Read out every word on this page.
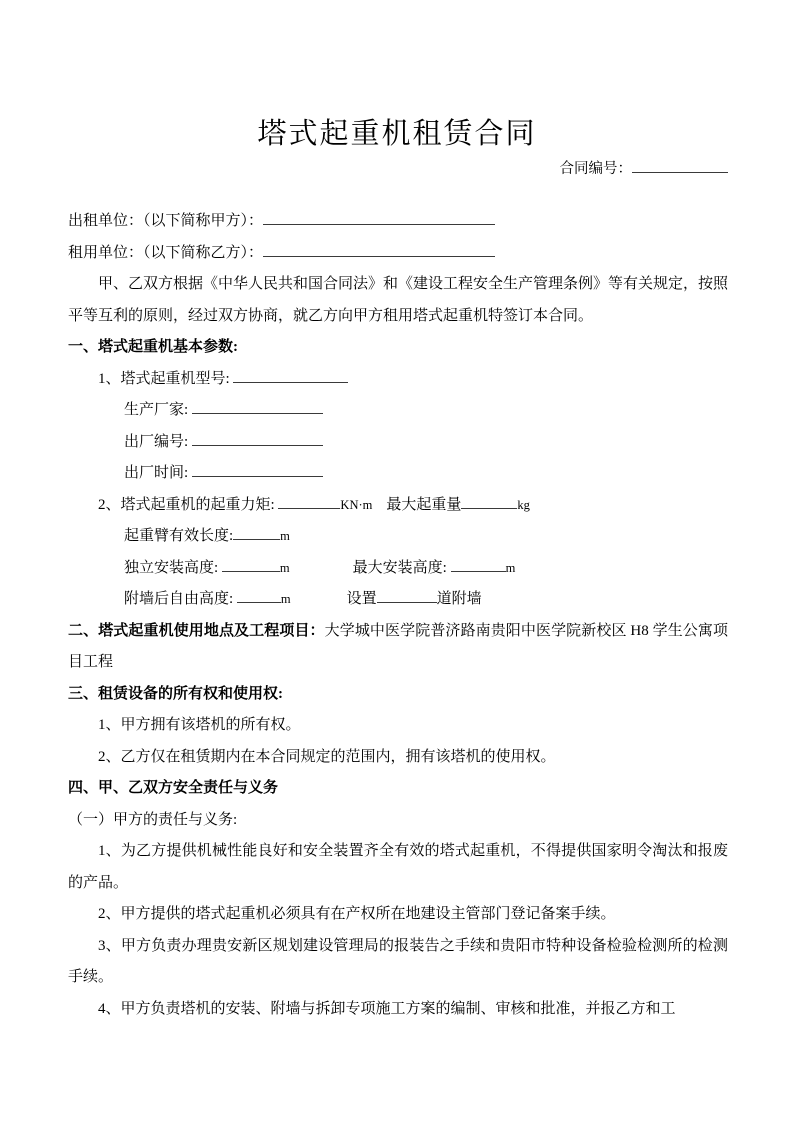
塔式起重机租赁合同
合同编号：
出租单位：（以下简称甲方）：
租用单位：（以下简称乙方）：
甲、乙双方根据《中华人民共和国合同法》和《建设工程安全生产管理条例》等有关规定，按照平等互利的原则，经过双方协商，就乙方向甲方租用塔式起重机特签订本合同。
一、塔式起重机基本参数:
1、塔式起重机型号:
生产厂家:
出厂编号:
出厂时间:
2、塔式起重机的起重力矩:	KN·m 最大起重量	kg
起重臂有效长度:	m
独立安装高度:	m	最大安装高度:	m
附墙后自由高度:	m	设置	道附墙
二、塔式起重机使用地点及工程项目：大学城中医学院普济路南贵阳中医学院新校区 H8 学生公寓项目工程
三、租赁设备的所有权和使用权:
1、甲方拥有该塔机的所有权。
2、乙方仅在租赁期内在本合同规定的范围内，拥有该塔机的使用权。
四、甲、乙双方安全责任与义务
（一）甲方的责任与义务:
1、为乙方提供机械性能良好和安全装置齐全有效的塔式起重机，不得提供国家明令淘汰和报废的产品。
2、甲方提供的塔式起重机必须具有在产权所在地建设主管部门登记备案手续。
3、甲方负责办理贵安新区规划建设管理局的报装告之手续和贵阳市特种设备检验检测所的检测手续。
4、甲方负责塔机的安装、附墙与拆卸专项施工方案的编制、审核和批准，并报乙方和工
